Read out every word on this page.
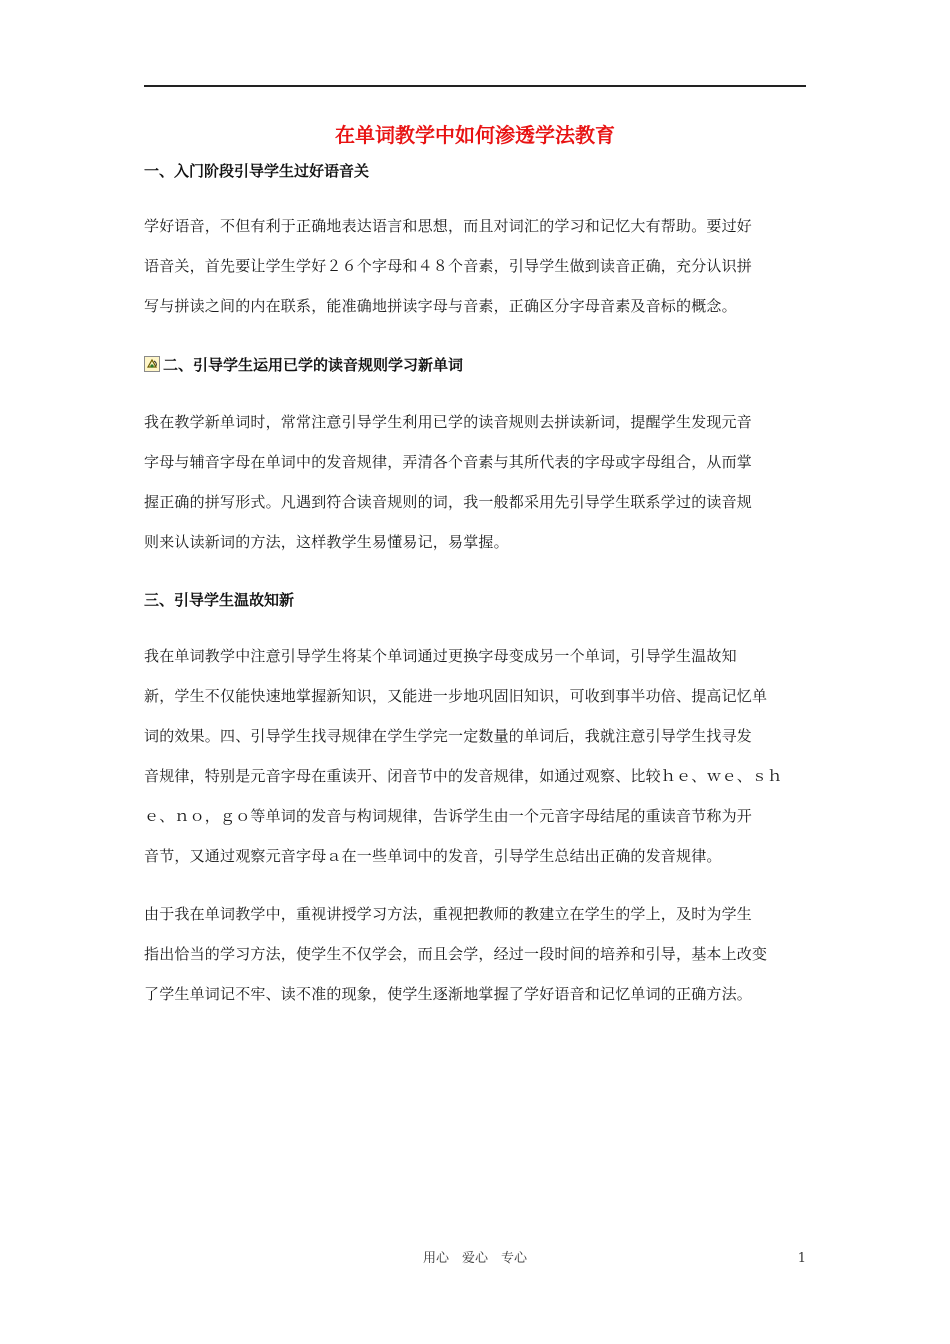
在单词教学中如何渗透学法教育
一、入门阶段引导学生过好语音关
学好语音，不但有利于正确地表达语言和思想，而且对词汇的学习和记忆大有帮助。要过好
语音关，首先要让学生学好２６个字母和４８个音素，引导学生做到读音正确，充分认识拼
写与拼读之间的内在联系，能准确地拼读字母与音素，正确区分字母音素及音标的概念。
二、引导学生运用已学的读音规则学习新单词
我在教学新单词时，常常注意引导学生利用已学的读音规则去拼读新词，提醒学生发现元音
字母与辅音字母在单词中的发音规律，弄清各个音素与其所代表的字母或字母组合，从而掌
握正确的拼写形式。凡遇到符合读音规则的词，我一般都采用先引导学生联系学过的读音规
则来认读新词的方法，这样教学生易懂易记，易掌握。
三、引导学生温故知新
我在单词教学中注意引导学生将某个单词通过更换字母变成另一个单词，引导学生温故知
新，学生不仅能快速地掌握新知识，又能进一步地巩固旧知识，可收到事半功倍、提高记忆单
词的效果。四、引导学生找寻规律在学生学完一定数量的单词后，我就注意引导学生找寻发
音规律，特别是元音字母在重读开、闭音节中的发音规律，如通过观察、比较ｈｅ、ｗｅ、ｓｈ
ｅ、ｎｏ，ｇｏ等单词的发音与构词规律，告诉学生由一个元音字母结尾的重读音节称为开
音节，又通过观察元音字母ａ在一些单词中的发音，引导学生总结出正确的发音规律。
由于我在单词教学中，重视讲授学习方法，重视把教师的教建立在学生的学上，及时为学生
指出恰当的学习方法，使学生不仅学会，而且会学，经过一段时间的培养和引导，基本上改变
了学生单词记不牢、读不准的现象，使学生逐渐地掌握了学好语音和记忆单词的正确方法。
用心　爱心　专心	1
